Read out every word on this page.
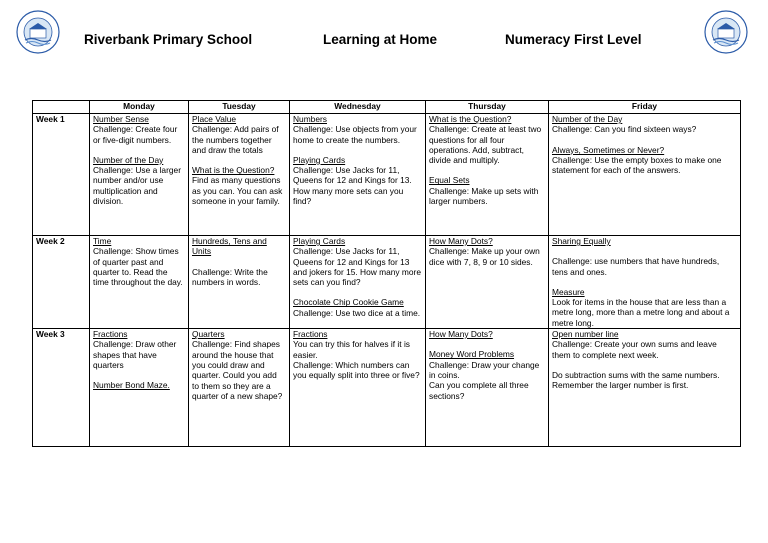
Riverbank Primary School	Learning at Home	Numeracy First Level
	Monday	Tuesday	Wednesday	Thursday	Friday
Week 1	Number Sense
Challenge: Create four or five-digit numbers.
Number of the Day
Challenge: Use a larger number and/or use multiplication and division.	Place Value
Challenge: Add pairs of the numbers together and draw the totals
What is the Question?
Find as many questions as you can. You can ask someone in your family.	Numbers
Challenge: Use objects from your home to create the numbers.
Playing Cards
Challenge: Use Jacks for 11, Queens for 12 and Kings for 13. How many more sets can you find?	What is the Question?
Challenge: Create at least two questions for all four operations. Add, subtract, divide and multiply.
Equal Sets
Challenge: Make up sets with larger numbers.	Number of the Day
Challenge: Can you find sixteen ways?
Always, Sometimes or Never?
Challenge: Use the empty boxes to make one statement for each of the answers.

Week 2	Time
Challenge: Show times of quarter past and quarter to. Read the time throughout the day.	Hundreds, Tens and Units
Challenge: Write the numbers in words.	Playing Cards
Challenge: Use Jacks for 11, Queens for 12 and Kings for 13 and jokers for 15. How many more sets can you find?
Chocolate Chip Cookie Game
Challenge: Use two dice at a time.	How Many Dots?
Challenge: Make up your own dice with 7, 8, 9 or 10 sides.	Sharing Equally
Challenge: use numbers that have hundreds, tens and ones.
Measure
Look for items in the house that are less than a metre long, more than a metre long and about a metre long.

Week 3	Fractions
Challenge: Draw other shapes that have quarters
Number Bond Maze.	Quarters
Challenge: Find shapes around the house that you could draw and quarter. Could you add to them so they are a quarter of a new shape?	Fractions
You can try this for halves if it is easier.
Challenge: Which numbers can you equally split into three or five?	How Many Dots?
Money Word Problems
Challenge: Draw your change in coins.
Can you complete all three sections?	Open number line
Challenge: Create your own sums and leave them to complete next week.
Do subtraction sums with the same numbers. Remember the larger number is first.
